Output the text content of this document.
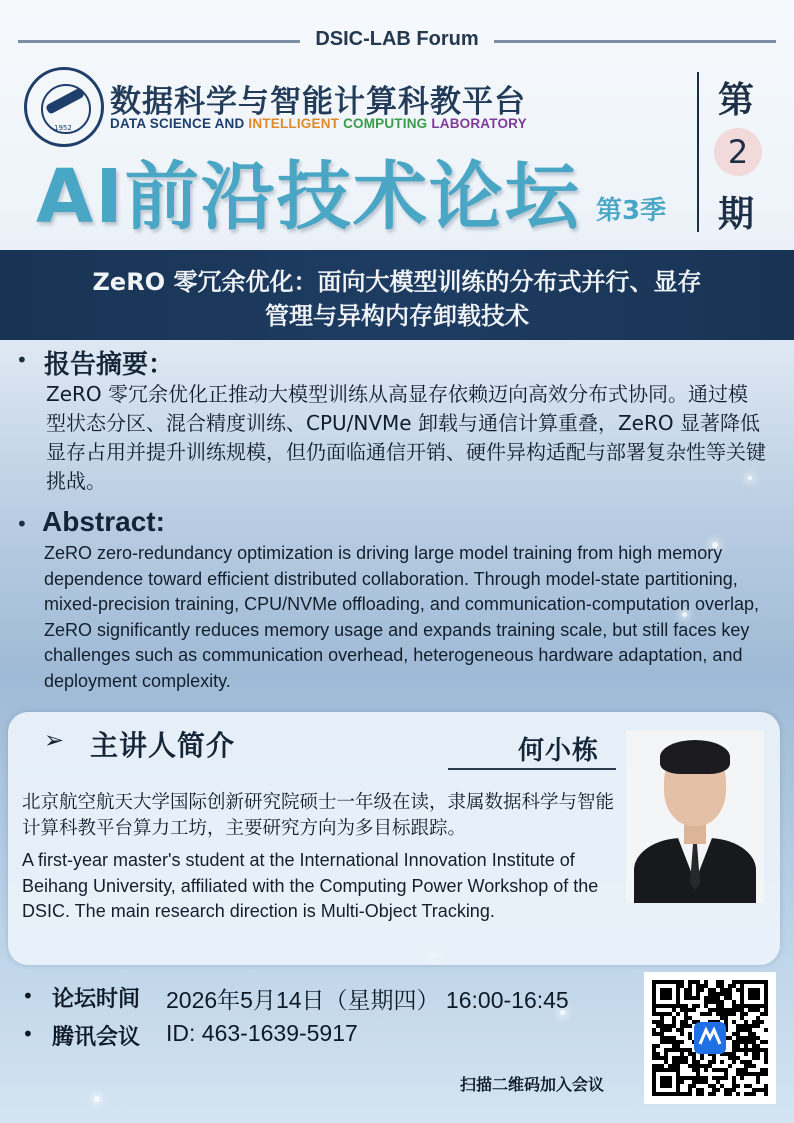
DSIC-LAB Forum
1952
数据科学与智能计算科教平台
DATA SCIENCE AND INTELLIGENT COMPUTING LABORATORY
AI前沿技术论坛 第3季
第
2
期
ZeRO 零冗余优化：面向大模型训练的分布式并行、显存
管理与异构内存卸载技术
• 报告摘要：
ZeRO 零冗余优化正推动大模型训练从高显存依赖迈向高效分布式协同。通过模型状态分区、混合精度训练、CPU/NVMe 卸载与通信计算重叠，ZeRO 显著降低显存占用并提升训练规模，但仍面临通信开销、硬件异构适配与部署复杂性等关键挑战。
• Abstract:
ZeRO zero-redundancy optimization is driving large model training from high memory dependence toward efficient distributed collaboration. Through model-state partitioning, mixed-precision training, CPU/NVMe offloading, and communication-computation overlap, ZeRO significantly reduces memory usage and expands training scale, but still faces key challenges such as communication overhead, heterogeneous hardware adaptation, and deployment complexity.
➢ 主讲人简介	何小栋
北京航空航天大学国际创新研究院硕士一年级在读，隶属数据科学与智能计算科教平台算力工坊，主要研究方向为多目标跟踪。
A first-year master's student at the International Innovation Institute of Beihang University, affiliated with the Computing Power Workshop of the DSIC. The main research direction is Multi-Object Tracking.
• 论坛时间 2026年5月14日（星期四） 16:00-16:45
• 腾讯会议 ID: 463-1639-5917
扫描二维码加入会议
